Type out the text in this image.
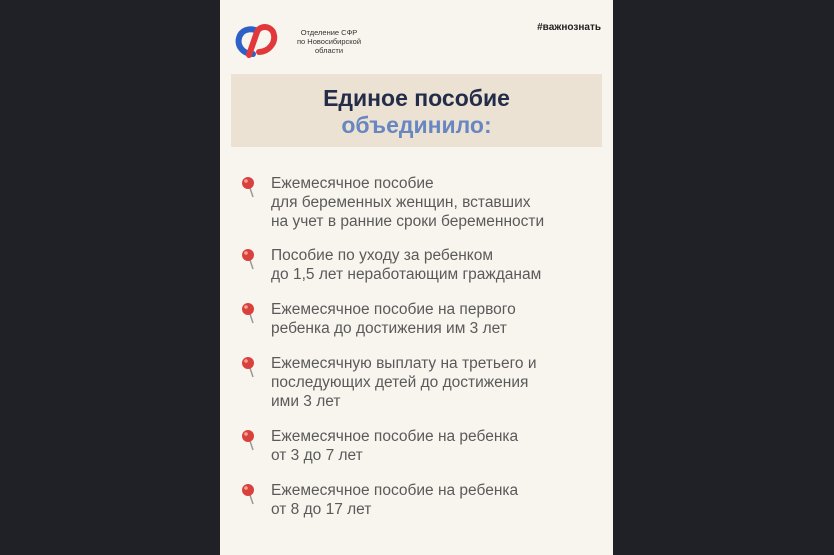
Отделение СФР
по Новосибирской
области
#важнознать
Единое пособие
объединило:
Ежемесячное пособие
для беременных женщин, вставших
на учет в ранние сроки беременности
Пособие по уходу за ребенком
до 1,5 лет неработающим гражданам
Ежемесячное пособие на первого
ребенка до достижения им 3 лет
Ежемесячную выплату на третьего и
последующих детей до достижения
ими 3 лет
Ежемесячное пособие на ребенка
от 3 до 7 лет
Ежемесячное пособие на ребенка
от 8 до 17 лет
